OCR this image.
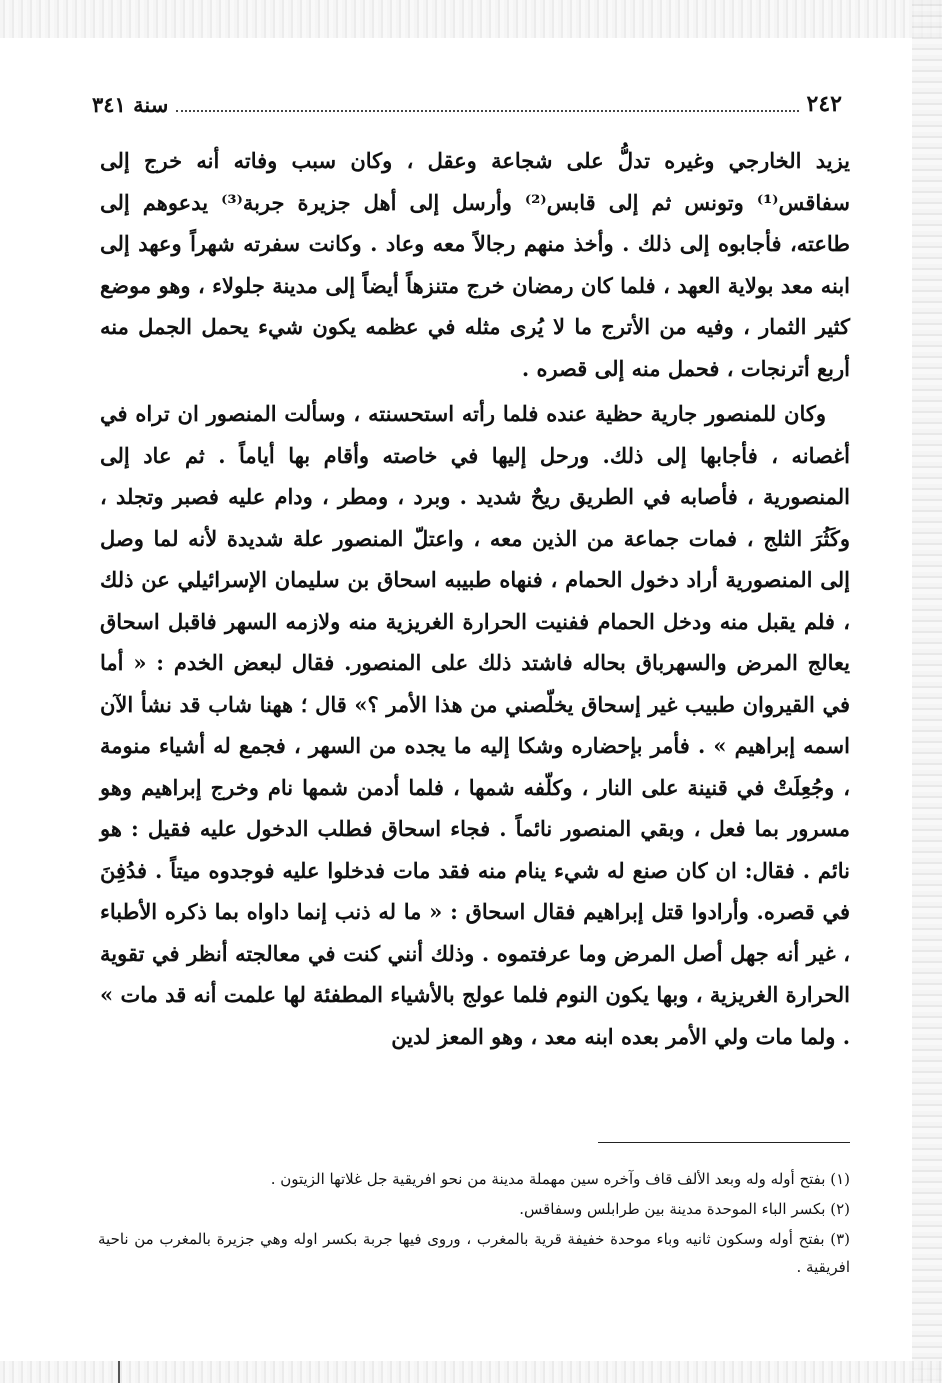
٢٤٢
سنة ٣٤١

يزيد الخارجي وغيره تدلُّ على شجاعة وعقل ، وكان سبب وفاته أنه خرج إلى سفاقس⁽¹⁾ وتونس ثم إلى قابس⁽²⁾ وأرسل إلى أهل جزيرة جربة⁽³⁾ يدعوهم إلى طاعته، فأجابوه إلى ذلك . وأخذ منهم رجالاً معه وعاد . وكانت سفرته شهراً وعهد إلى ابنه معد بولاية العهد ، فلما كان رمضان خرج متنزهاً أيضاً إلى مدينة جلولاء ، وهو موضع كثير الثمار ، وفيه من الأترج ما لا يُرى مثله في عظمه يكون شيء يحمل الجمل منه أربع أترنجات ، فحمل منه إلى قصره .

وكان للمنصور جارية حظية عنده فلما رأته استحسنته ، وسألت المنصور ان تراه في أغصانه ، فأجابها إلى ذلك. ورحل إليها في خاصته وأقام بها أياماً . ثم عاد إلى المنصورية ، فأصابه في الطريق ريحٌ شديد . وبرد ، ومطر ، ودام عليه فصبر وتجلد ، وكَثُرَ الثلج ، فمات جماعة من الذين معه ، واعتلّ المنصور علة شديدة لأنه لما وصل إلى المنصورية أراد دخول الحمام ، فنهاه طبيبه اسحاق بن سليمان الإسرائيلي عن ذلك ، فلم يقبل منه ودخل الحمام ففنيت الحرارة الغريزية منه ولازمه السهر فاقبل اسحاق يعالج المرض والسهرباق بحاله فاشتد ذلك على المنصور. فقال لبعض الخدم : « أما في القيروان طبيب غير إسحاق يخلّصني من هذا الأمر ؟» قال ؛ ههنا شاب قد نشأ الآن اسمه إبراهيم » . فأمر بإحضاره وشكا إليه ما يجده من السهر ، فجمع له أشياء منومة ، وجُعِلَتْ في قنينة على النار ، وكلّفه شمها ، فلما أدمن شمها نام وخرج إبراهيم وهو مسرور بما فعل ، وبقي المنصور نائماً . فجاء اسحاق فطلب الدخول عليه فقيل : هو نائم . فقال: ان كان صنع له شيء ينام منه فقد مات فدخلوا عليه فوجدوه ميتاً . فدُفِنَ في قصره. وأرادوا قتل إبراهيم فقال اسحاق : « ما له ذنب إنما داواه بما ذكره الأطباء ، غير أنه جهل أصل المرض وما عرفتموه . وذلك أنني كنت في معالجته أنظر في تقوية الحرارة الغريزية ، وبها يكون النوم فلما عولج بالأشياء المطفئة لها علمت أنه قد مات » . ولما مات ولي الأمر بعده ابنه معد ، وهو المعز لدين

(١) بفتح أوله وله وبعد الألف قاف وآخره سين مهملة مدينة من نحو افريقية جل غلاتها الزيتون .

(٢) بكسر الباء الموحدة مدينة بين طرابلس وسفاقس.

(٣) بفتح أوله وسكون ثانيه وباء موحدة خفيفة قرية بالمغرب ، وروى فيها جربة بكسر اوله وهي جزيرة بالمغرب من ناحية افريقية .
